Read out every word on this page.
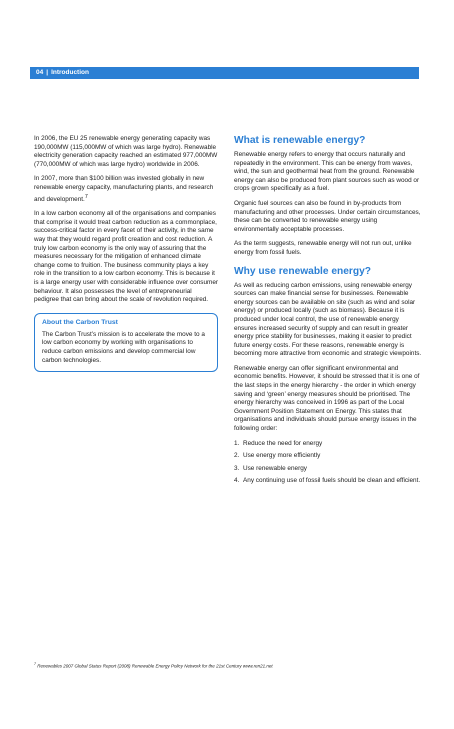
04 | Introduction

In 2006, the EU 25 renewable energy generating capacity was 190,000MW (115,000MW of which was large hydro). Renewable electricity generation capacity reached an estimated 977,000MW (770,000MW of which was large hydro) worldwide in 2006.

In 2007, more than $100 billion was invested globally in new renewable energy capacity, manufacturing plants, and research and development.$^7$

In a low carbon economy all of the organisations and companies that comprise it would treat carbon reduction as a commonplace, success-critical factor in every facet of their activity, in the same way that they would regard profit creation and cost reduction. A truly low carbon economy is the only way of assuring that the measures necessary for the mitigation of enhanced climate change come to fruition. The business community plays a key role in the transition to a low carbon economy. This is because it is a large energy user with considerable influence over consumer behaviour. It also possesses the level of entrepreneurial pedigree that can bring about the scale of revolution required.

About the Carbon Trust

The Carbon Trust’s mission is to accelerate the move to a low carbon economy by working with organisations to reduce carbon emissions and develop commercial low carbon technologies.

What is renewable energy?

Renewable energy refers to energy that occurs naturally and repeatedly in the environment. This can be energy from waves, wind, the sun and geothermal heat from the ground. Renewable energy can also be produced from plant sources such as wood or crops grown specifically as a fuel.

Organic fuel sources can also be found in by-products from manufacturing and other processes. Under certain circumstances, these can be converted to renewable energy using environmentally acceptable processes.

As the term suggests, renewable energy will not run out, unlike energy from fossil fuels.

Why use renewable energy?

As well as reducing carbon emissions, using renewable energy sources can make financial sense for businesses. Renewable energy sources can be available on site (such as wind and solar energy) or produced locally (such as biomass). Because it is produced under local control, the use of renewable energy ensures increased security of supply and can result in greater energy price stability for businesses, making it easier to predict future energy costs. For these reasons, renewable energy is becoming more attractive from economic and strategic viewpoints.

Renewable energy can offer significant environmental and economic benefits. However, it should be stressed that it is one of the last steps in the energy hierarchy - the order in which energy saving and ‘green’ energy measures should be prioritised. The energy hierarchy was conceived in 1996 as part of the Local Government Position Statement on Energy. This states that organisations and individuals should pursue energy issues in the following order:

1. Reduce the need for energy
2. Use energy more efficiently
3. Use renewable energy
4. Any continuing use of fossil fuels should be clean and efficient.
$^7$ Renewables 2007 Global Status Report (2008) Renewable Energy Policy Network for the 21st Century www.ren21.net
